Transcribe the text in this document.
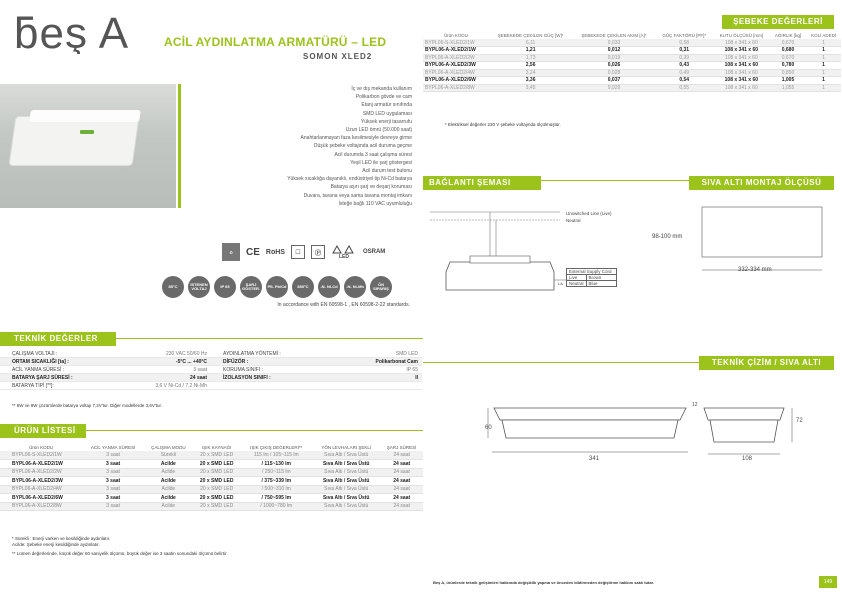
ƃeş A	ACİL AYDINLATMA ARMATÜRÜ – LED
SOMON XLED2
İç ve dış mekanda kullanım
Polikarbon gövde ve cam
Etanj armatür sınıfında
SMD LED uygulaması
Yüksek enerji tasarrufu
Uzun LED ömrü (50.000 saat)
Anahtarlanmayan faza kesilmesiyle devreye girme
Düşük şebeke voltajında acil duruma geçme
Acil durumda 3 saat çalışma süresi
Yeşil LED ile şarj göstergesi
Acil durum test butonu
Yüksek sıcaklığa dayanıklı, endüstriyel tip Ni-Cd batarya
Batarya aşırı şarj ve deşarj koruması
Duvara, tavana veya sama tavana montaj imkanı
İsteğe bağlı 110 VAC uyumluluğu
♻	CE RoHS ☐ Ⓟ
LED
OSRAM
85°C	İSTENEN VOLTAJ	IP 65	ŞARJ GÖSTER.	PİL Pb/Cd	850°C	-N- Ni-Cd	-N- Ni-Mh	ÖN SIPARIŞ
In accordance with EN 60598-1 , EN 60598-2-22 standards.
ŞEBEKE DEĞERLERİ
Ürün KODU	ŞEBEKEDE ÇEKİLEN GÜÇ [W]*	ŞEBEKEDE ÇEKİLEN AKIM [A]*	GÜÇ FAKTÖRÜ [PF]*	KUTU ÖLÇÜSÜ [mm]	AĞIRLIK [kg]	KOLİ ADEDİ
BYPL06-S-XLED2/1W	6,11	0,033	0,58	108 x 341 x 60	0,670	1
BYPL06-A-XLED2/1W	1,21	0,012	0,31	108 x 341 x 60	0,680	1
BYPL06-A-XLED2/2W	1,73	0,019	0,39	108 x 341 x 60	0,670	1
BYPL06-A-XLED2/3W	2,56	0,026	0,43	108 x 341 x 60	0,780	1
BYPL06-A-XLED2/4W	3,24	0,028	0,49	108 x 341 x 60	0,850	1
BYPL06-A-XLED2/6W	3,36	0,037	0,54	108 x 341 x 60	1,005	1
BYPL06-A-XLED2/8W	3,45	0,029	0,55	108 x 341 x 60	1,055	1
* Elektriksel değerler 230 V şebeke voltajında ölçülmüştür.
BAĞLANTI ŞEMASI	SIVA ALTI MONTAJ ÖLÇÜSÜ
Unswitched Line (Live)
Neutral
LA
External Supply Cord	
Live	Brown
Neutral	Blue
98-100 mm
332-334 mm
TEKNİK ÇİZİM / SIVA ALTI
60
341
12
72
108
TEKNİK DEĞERLER
ÇALIŞMA VOLTAJI :	230 VAC 50/60 Hz
ORTAM SICAKLIĞI [ta] :	-5°C ... +40°C
ACİL YANMA SÜRESİ :	3 saat
BATARYA ŞARJ SÜRESİ :	24 saat
BATARYA TİPİ [**]:	3,6 V Ni-Cd / 7,2 Ni-Mh
AYDINLATMA YÖNTEMİ :	SMD LED
DİFÜZÖR :	Polikarbonat Cam
KORUMA SINIFI :	IP 65
İZOLASYON SINIFI :	II
** 6W ve 8W çözümlerde batarya voltajı 7,2V'tur. Diğer modellerde 3,6V'tur.
ÜRÜN LİSTESİ
Ürün KODU	ACİL YANMA SÜRESİ	ÇALIŞMA MODU	IŞIK KAYNAĞI	IŞIK ÇIKIŞ DEĞERLERİ**	YÖN LEVHALARI ŞEKLİ	ŞARJ SÜRESİ
BYPL06-S-XLED2/1W	3 saat	Sürekli	20 x SMD LED	115 lm / 105~115 lm	Sıva Altı / Sıva Üstü	24 saat
BYPL06-A-XLED2/1W	3 saat	Acilde	20 x SMD LED	/ 115~130 lm	Sıva Altı / Sıva Üstü	24 saat
BYPL06-A-XLED2/2W	3 saat	Acilde	20 x SMD LED	/ 250~115 lm	Sıva Altı / Sıva Üstü	24 saat
BYPL06-A-XLED2/3W	3 saat	Acilde	20 x SMD LED	/ 375~339 lm	Sıva Altı / Sıva Üstü	24 saat
BYPL06-A-XLED2/4W	3 saat	Acilde	20 x SMD LED	/ 500~310 lm	Sıva Altı / Sıva Üstü	24 saat
BYPL06-A-XLED2/6W	3 saat	Acilde	20 x SMD LED	/ 750~595 lm	Sıva Altı / Sıva Üstü	24 saat
BYPL06-A-XLED2/8W	3 saat	Acilde	20 x SMD LED	/ 1000~780 lm	Sıva Altı / Sıva Üstü	24 saat
* Sürekli : Enerji varken ve kesildiğinde aydınlatır.
Acilde: Şebeke enerji kesildiğinde aydınlatır.
** Lümen değerlerinde, küçük değer 60 saniyelik ölçümü, büyük değer ise 3 saatin sonundaki ölçümü belirtir.
Beş A, ürünlerde teknik gelişimleri hakkında değişiklik yapma ve önceden bildirmeden değiştirme hakkını saklı tutar.	149
